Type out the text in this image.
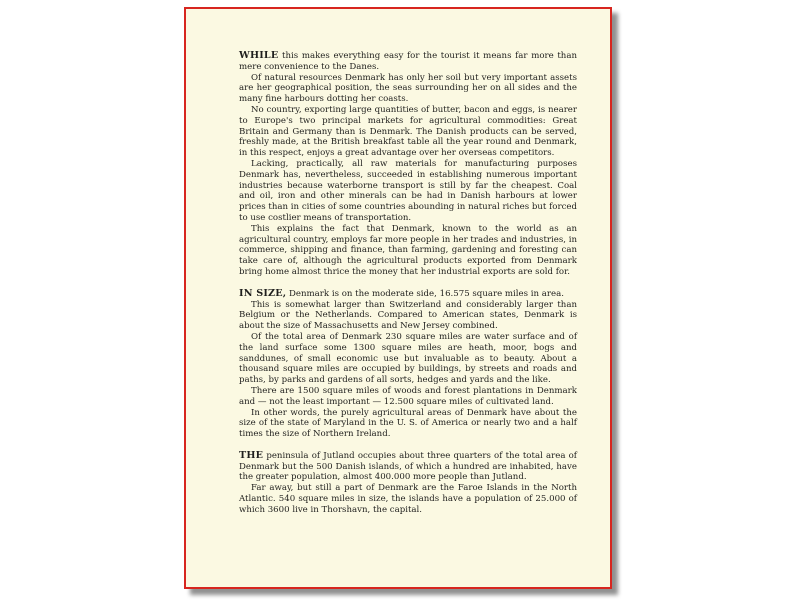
WHILE this makes everything easy for the tourist it means far more than mere convenience to the Danes.

Of natural resources Denmark has only her soil but very important assets are her geographical position, the seas surrounding her on all sides and the many fine harbours dotting her coasts.

No country, exporting large quantities of butter, bacon and eggs, is nearer to Europe's two principal markets for agricultural commodities: Great Britain and Germany than is Denmark. The Danish products can be served, freshly made, at the British breakfast table all the year round and Denmark, in this respect, enjoys a great advantage over her overseas competitors.

Lacking, practically, all raw materials for manufacturing purposes Denmark has, nevertheless, succeeded in establishing numerous important industries because waterborne transport is still by far the cheapest. Coal and oil, iron and other minerals can be had in Danish harbours at lower prices than in cities of some countries abounding in natural riches but forced to use costlier means of transportation.

This explains the fact that Denmark, known to the world as an agricultural country, employs far more people in her trades and industries, in commerce, shipping and finance, than farming, gardening and foresting can take care of, although the agricultural products exported from Denmark bring home almost thrice the money that her industrial exports are sold for.

IN SIZE, Denmark is on the moderate side, 16.575 square miles in area.

This is somewhat larger than Switzerland and considerably larger than Belgium or the Netherlands. Compared to American states, Denmark is about the size of Massachusetts and New Jersey combined.

Of the total area of Denmark 230 square miles are water surface and of the land surface some 1300 square miles are heath, moor, bogs and sanddunes, of small economic use but invaluable as to beauty. About a thousand square miles are occupied by buildings, by streets and roads and paths, by parks and gardens of all sorts, hedges and yards and the like.

There are 1500 square miles of woods and forest plantations in Denmark and — not the least important — 12.500 square miles of cultivated land.

In other words, the purely agricultural areas of Denmark have about the size of the state of Maryland in the U. S. of America or nearly two and a half times the size of Northern Ireland.

THE peninsula of Jutland occupies about three quarters of the total area of Denmark but the 500 Danish islands, of which a hundred are inhabited, have the greater population, almost 400.000 more people than Jutland.

Far away, but still a part of Denmark are the Faroe Islands in the North Atlantic. 540 square miles in size, the islands have a population of 25.000 of which 3600 live in Thorshavn, the capital.
